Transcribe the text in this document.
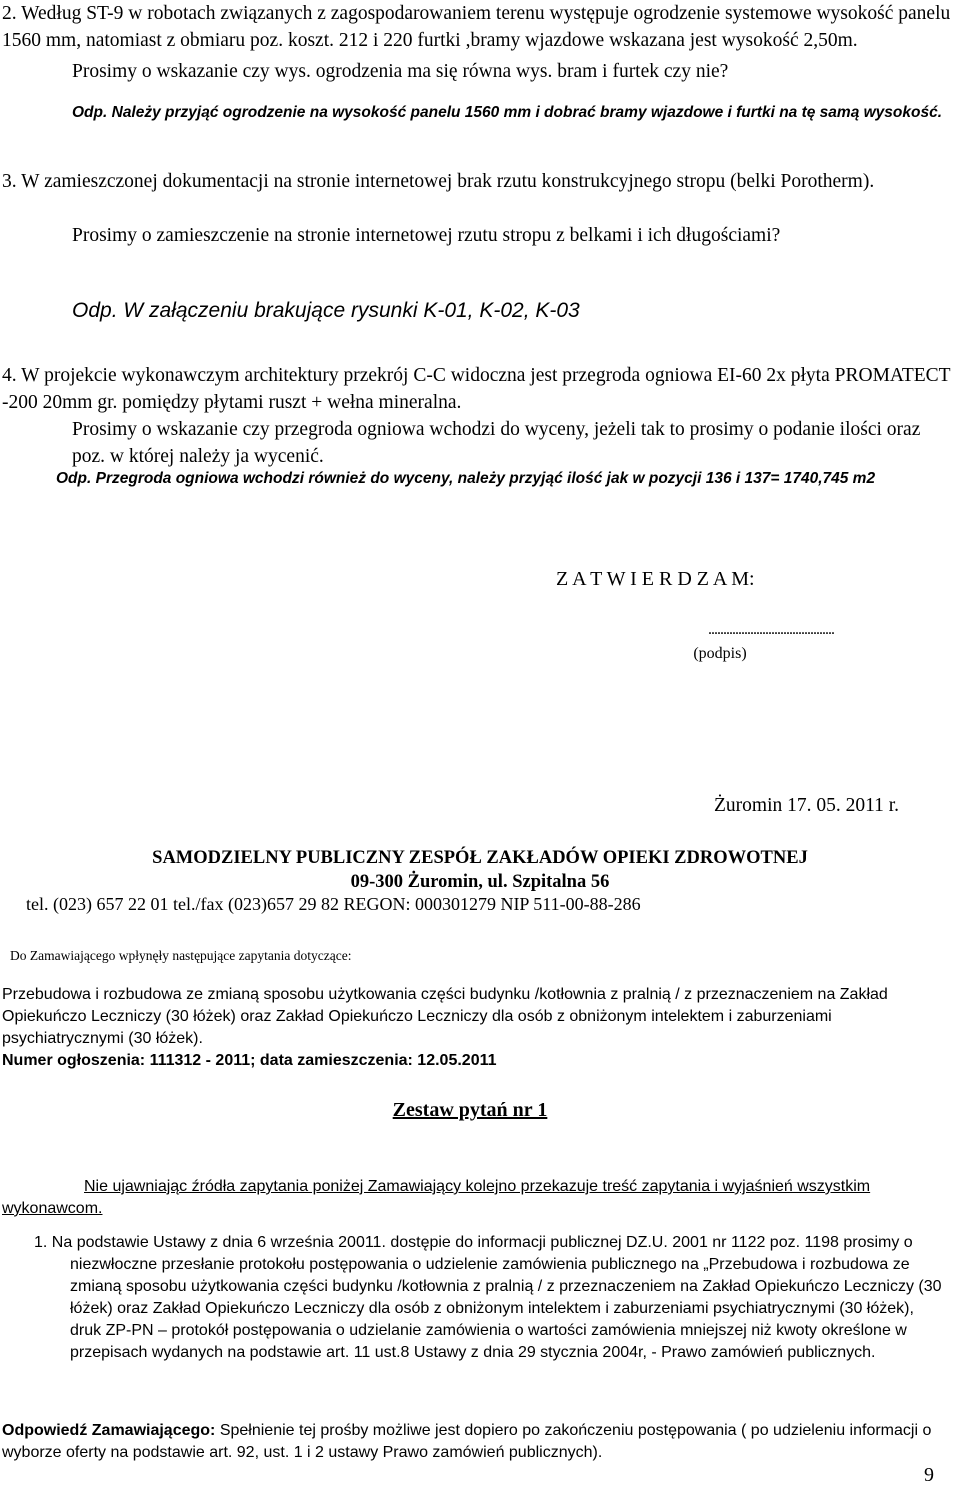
2. Według ST-9 w robotach związanych z zagospodarowaniem terenu występuje ogrodzenie systemowe wysokość panelu 1560 mm, natomiast z obmiaru poz. koszt. 212 i 220 furtki ,bramy wjazdowe wskazana jest wysokość 2,50m.

Prosimy o wskazanie czy wys. ogrodzenia ma się równa wys. bram i furtek czy nie?

Odp. Należy przyjąć ogrodzenie na wysokość panelu 1560 mm i dobrać bramy wjazdowe i furtki na tę samą wysokość.

3. W zamieszczonej dokumentacji na stronie internetowej brak rzutu konstrukcyjnego stropu (belki Porotherm).

Prosimy o zamieszczenie na stronie internetowej rzutu stropu z belkami i ich długościami?

Odp. W załączeniu brakujące rysunki K-01, K-02, K-03

4. W projekcie wykonawczym architektury przekrój C-C widoczna jest przegroda ogniowa EI-60 2x płyta PROMATECT -200 20mm gr. pomiędzy płytami ruszt + wełna mineralna.

Prosimy o wskazanie czy przegroda ogniowa wchodzi do wyceny, jeżeli tak to prosimy o podanie ilości oraz poz. w której należy ja wycenić.

Odp. Przegroda ogniowa wchodzi również do wyceny, należy przyjąć ilość jak w pozycji 136 i 137= 1740,745 m2

Z A T W I E R D Z A M:
..........................................
(podpis)
Żuromin 17. 05. 2011 r.
SAMODZIELNY PUBLICZNY ZESPÓŁ ZAKŁADÓW OPIEKI ZDROWOTNEJ
09-300 Żuromin, ul. Szpitalna 56
tel. (023) 657 22 01 tel./fax (023)657 29 82 REGON: 000301279 NIP 511-00-88-286
Do Zamawiającego wpłynęły następujące zapytania dotyczące:

Przebudowa i rozbudowa ze zmianą sposobu użytkowania części budynku /kotłownia z pralnią / z przeznaczeniem na Zakład Opiekuńczo Leczniczy (30 łóżek) oraz Zakład Opiekuńczo Leczniczy dla osób z obniżonym intelektem i zaburzeniami psychiatrycznymi (30 łóżek).

Numer ogłoszenia: 111312 - 2011; data zamieszczenia: 12.05.2011

Zestaw pytań nr 1

Nie ujawniając źródła zapytania poniżej Zamawiający kolejno przekazuje treść zapytania i wyjaśnień wszystkim wykonawcom.

1. Na podstawie Ustawy z dnia 6 września 20011. dostępie do informacji publicznej DZ.U. 2001 nr 1122 poz. 1198 prosimy o niezwłoczne przesłanie protokołu postępowania o udzielenie zamówienia publicznego na „Przebudowa i rozbudowa ze zmianą sposobu użytkowania części budynku /kotłownia z pralnią / z przeznaczeniem na Zakład Opiekuńczo Leczniczy (30 łóżek) oraz Zakład Opiekuńczo Leczniczy dla osób z obniżonym intelektem i zaburzeniami psychiatrycznymi (30 łóżek), druk ZP-PN – protokół postępowania o udzielanie zamówienia o wartości zamówienia mniejszej niż kwoty określone w przepisach wydanych na podstawie art. 11 ust.8 Ustawy z dnia 29 stycznia 2004r, - Prawo zamówień publicznych.

Odpowiedź Zamawiającego: Spełnienie tej prośby możliwe jest dopiero po zakończeniu postępowania ( po udzieleniu informacji o wyborze oferty na podstawie art. 92, ust. 1 i 2 ustawy Prawo zamówień publicznych).

9
